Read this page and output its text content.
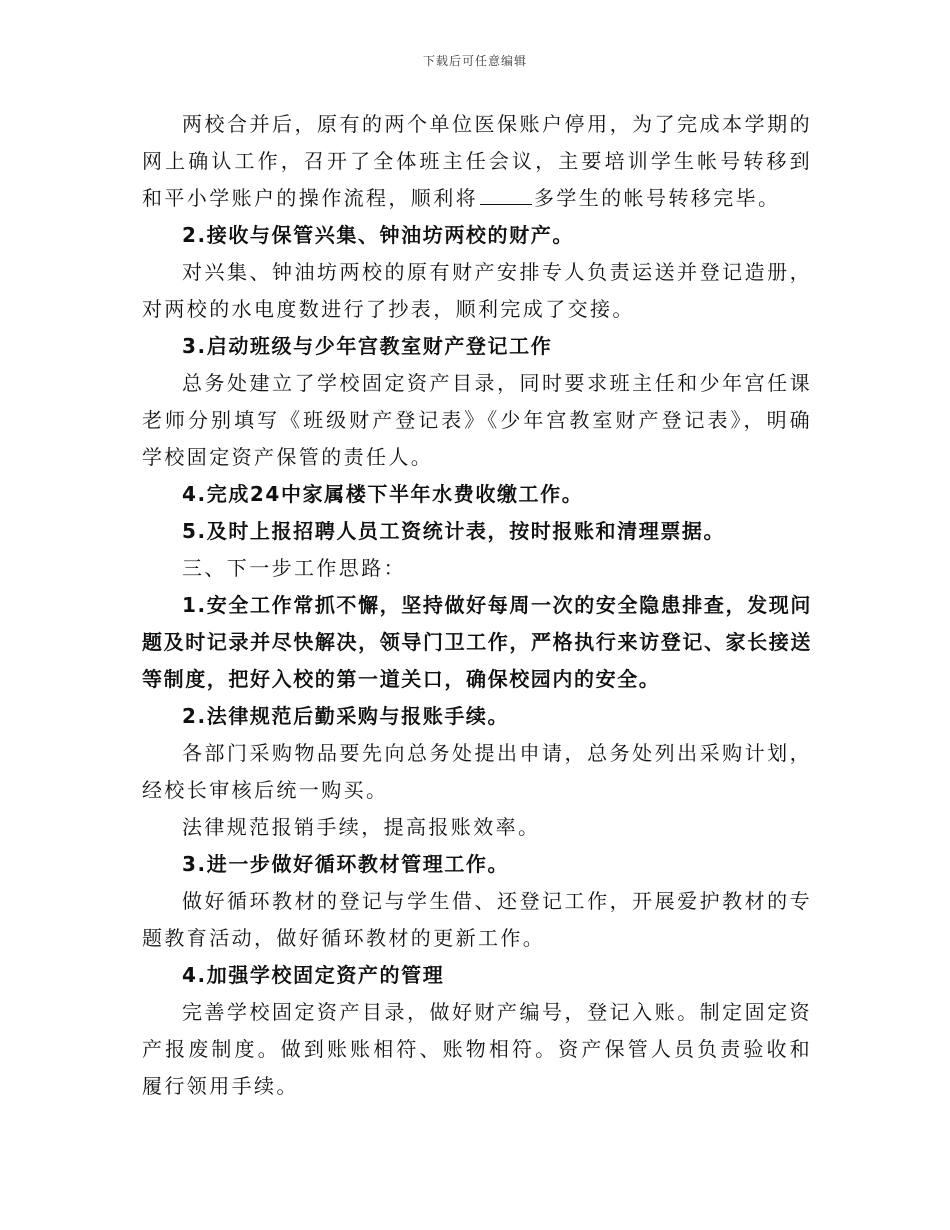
下载后可任意编辑

两校合并后，原有的两个单位医保账户停用，为了完成本学期的网上确认工作，召开了全体班主任会议，主要培训学生帐号转移到和平小学账户的操作流程，顺利将	多学生的帐号转移完毕。

2.接收与保管兴集、钟油坊两校的财产。

对兴集、钟油坊两校的原有财产安排专人负责运送并登记造册，对两校的水电度数进行了抄表，顺利完成了交接。

3.启动班级与少年宫教室财产登记工作

总务处建立了学校固定资产目录，同时要求班主任和少年宫任课老师分别填写《班级财产登记表》《少年宫教室财产登记表》，明确学校固定资产保管的责任人。

4.完成24中家属楼下半年水费收缴工作。

5.及时上报招聘人员工资统计表，按时报账和清理票据。

三、下一步工作思路：

1.安全工作常抓不懈，坚持做好每周一次的安全隐患排查，发现问题及时记录并尽快解决，领导门卫工作，严格执行来访登记、家长接送等制度，把好入校的第一道关口，确保校园内的安全。

2.法律规范后勤采购与报账手续。

各部门采购物品要先向总务处提出申请，总务处列出采购计划，经校长审核后统一购买。

法律规范报销手续，提高报账效率。

3.进一步做好循环教材管理工作。

做好循环教材的登记与学生借、还登记工作，开展爱护教材的专题教育活动，做好循环教材的更新工作。

4.加强学校固定资产的管理

完善学校固定资产目录，做好财产编号，登记入账。制定固定资产报废制度。做到账账相符、账物相符。资产保管人员负责验收和履行领用手续。
